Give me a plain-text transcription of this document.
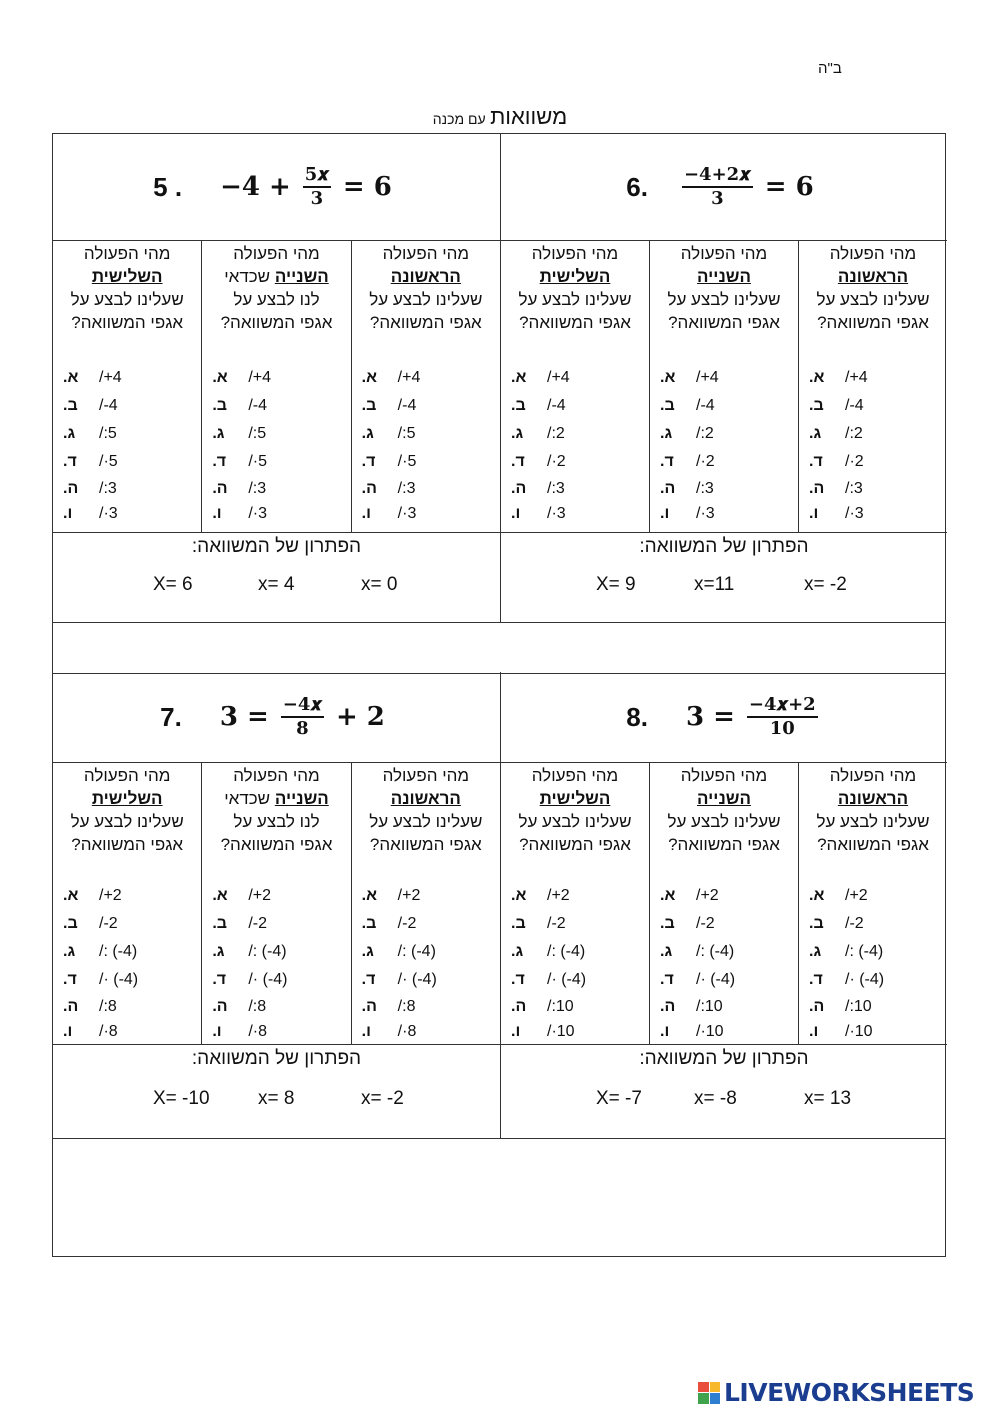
ב"ה
משוואות עם מכנה
5 . $-4 + \frac{\text{5𝒙}}{3} = 6$
מהי הפעולה
הראשונה
שעלינו לבצע על
אגפי המשוואה?
א.	/+4
ב.	/-4
ג.	/:5
ד.	/·5
ה.	/:3
ו.	/·3
מהי הפעולה
השנייה שכדאי
לנו לבצע על
אגפי המשוואה?
א.	/+4
ב.	/-4
ג.	/:5
ד.	/·5
ה.	/:3
ו.	/·3
מהי הפעולה
השלישית
שעלינו לבצע על
אגפי המשוואה?
א.	/+4
ב.	/-4
ג.	/:5
ד.	/·5
ה.	/:3
ו.	/·3
הפתרון של המשוואה:
X= 6	x= 4	x= 0
6. $\frac{\text{−4+2𝒙}}{3} = 6$
מהי הפעולה
הראשונה
שעלינו לבצע על
אגפי המשוואה?
א.	/+4
ב.	/-4
ג.	/:2
ד.	/·2
ה.	/:3
ו.	/·3
מהי הפעולה
השנייה
שעלינו לבצע על
אגפי המשוואה?
א.	/+4
ב.	/-4
ג.	/:2
ד.	/·2
ה.	/:3
ו.	/·3
מהי הפעולה
השלישית
שעלינו לבצע על
אגפי המשוואה?
א.	/+4
ב.	/-4
ג.	/:2
ד.	/·2
ה.	/:3
ו.	/·3
הפתרון של המשוואה:
X= 9	x=11	x= -2
7. $3 = \frac{\text{−4𝒙}}{8} + 2$
מהי הפעולה
הראשונה
שעלינו לבצע על
אגפי המשוואה?
א.	/+2
ב.	/-2
ג.	/: (-4)
ד.	/· (-4)
ה.	/:8
ו.	/·8
מהי הפעולה
השנייה שכדאי
לנו לבצע על
אגפי המשוואה?
א.	/+2
ב.	/-2
ג.	/: (-4)
ד.	/· (-4)
ה.	/:8
ו.	/·8
מהי הפעולה
השלישית
שעלינו לבצע על
אגפי המשוואה?
א.	/+2
ב.	/-2
ג.	/: (-4)
ד.	/· (-4)
ה.	/:8
ו.	/·8
הפתרון של המשוואה:
X= -10	x= 8	x= -2
8. $3 = \frac{\text{−4𝒙+2}}{10}$
מהי הפעולה
הראשונה
שעלינו לבצע על
אגפי המשוואה?
א.	/+2
ב.	/-2
ג.	/: (-4)
ד.	/· (-4)
ה.	/:10
ו.	/·10
מהי הפעולה
השנייה
שעלינו לבצע על
אגפי המשוואה?
א.	/+2
ב.	/-2
ג.	/: (-4)
ד.	/· (-4)
ה.	/:10
ו.	/·10
מהי הפעולה
השלישית
שעלינו לבצע על
אגפי המשוואה?
א.	/+2
ב.	/-2
ג.	/: (-4)
ד.	/· (-4)
ה.	/:10
ו.	/·10
הפתרון של המשוואה:
X= -7	x= -8	x= 13
LIVEWORKSHEETS
